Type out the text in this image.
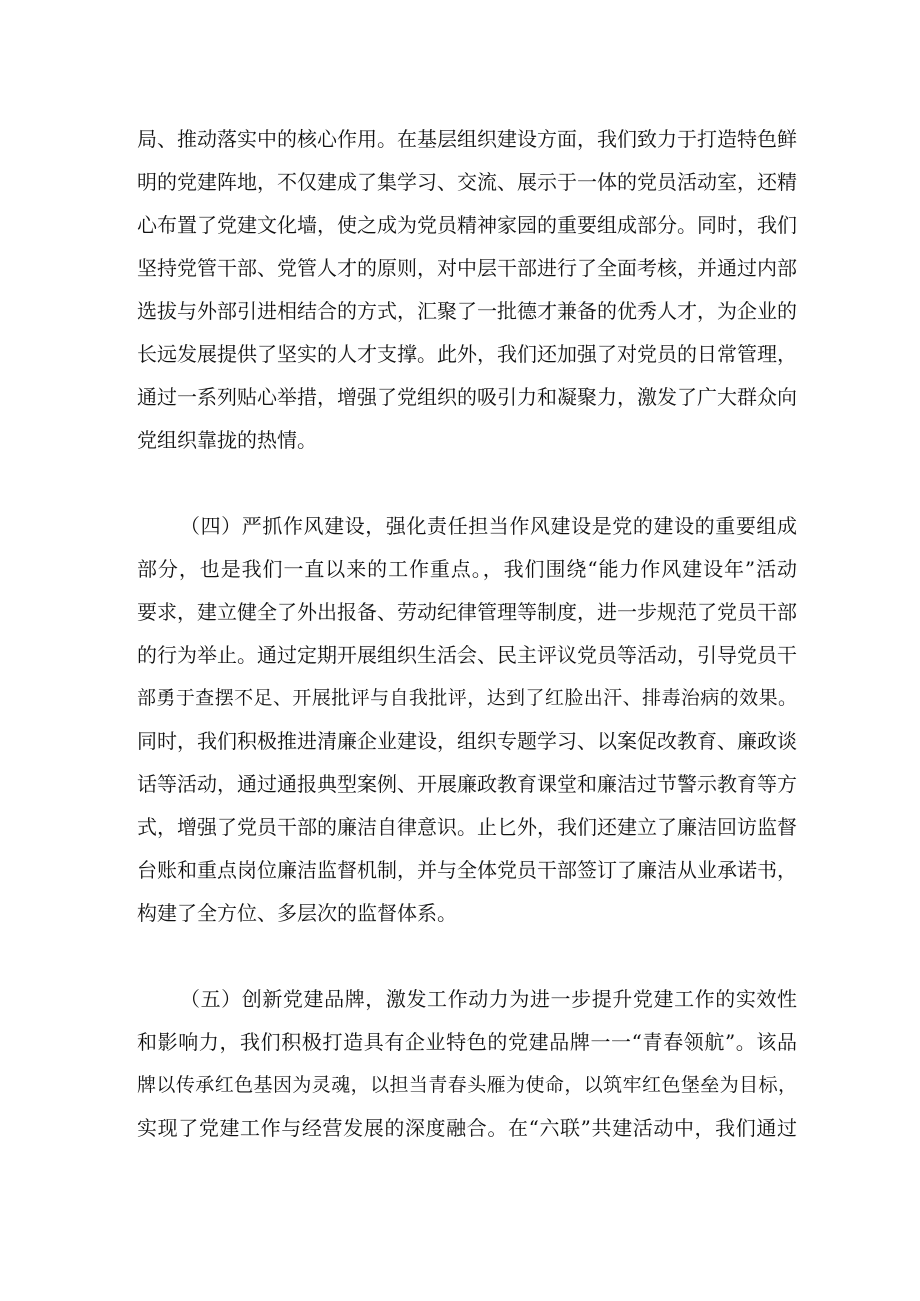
局、推动落实中的核心作用。在基层组织建设方面，我们致力于打造特色鲜
明的党建阵地，不仅建成了集学习、交流、展示于一体的党员活动室，还精
心布置了党建文化墙，使之成为党员精神家园的重要组成部分。同时，我们
坚持党管干部、党管人才的原则，对中层干部进行了全面考核，并通过内部
选拔与外部引进相结合的方式，汇聚了一批德才兼备的优秀人才，为企业的
长远发展提供了坚实的人才支撑。此外，我们还加强了对党员的日常管理，
通过一系列贴心举措，增强了党组织的吸引力和凝聚力，激发了广大群众向
党组织靠拢的热情。
（四）严抓作风建设，强化责任担当作风建设是党的建设的重要组成
部分，也是我们一直以来的工作重点。，我们围绕“能力作风建设年”活动
要求，建立健全了外出报备、劳动纪律管理等制度，进一步规范了党员干部
的行为举止。通过定期开展组织生活会、民主评议党员等活动，引导党员干
部勇于查摆不足、开展批评与自我批评，达到了红脸出汗、排毒治病的效果。
同时，我们积极推进清廉企业建设，组织专题学习、以案促改教育、廉政谈
话等活动，通过通报典型案例、开展廉政教育课堂和廉洁过节警示教育等方
式，增强了党员干部的廉洁自律意识。止匕外，我们还建立了廉洁回访监督
台账和重点岗位廉洁监督机制，并与全体党员干部签订了廉洁从业承诺书，
构建了全方位、多层次的监督体系。
（五）创新党建品牌，激发工作动力为进一步提升党建工作的实效性
和影响力，我们积极打造具有企业特色的党建品牌一一“青春领航”。该品
牌以传承红色基因为灵魂，以担当青春头雁为使命，以筑牢红色堡垒为目标，
实现了党建工作与经营发展的深度融合。在“六联”共建活动中，我们通过
